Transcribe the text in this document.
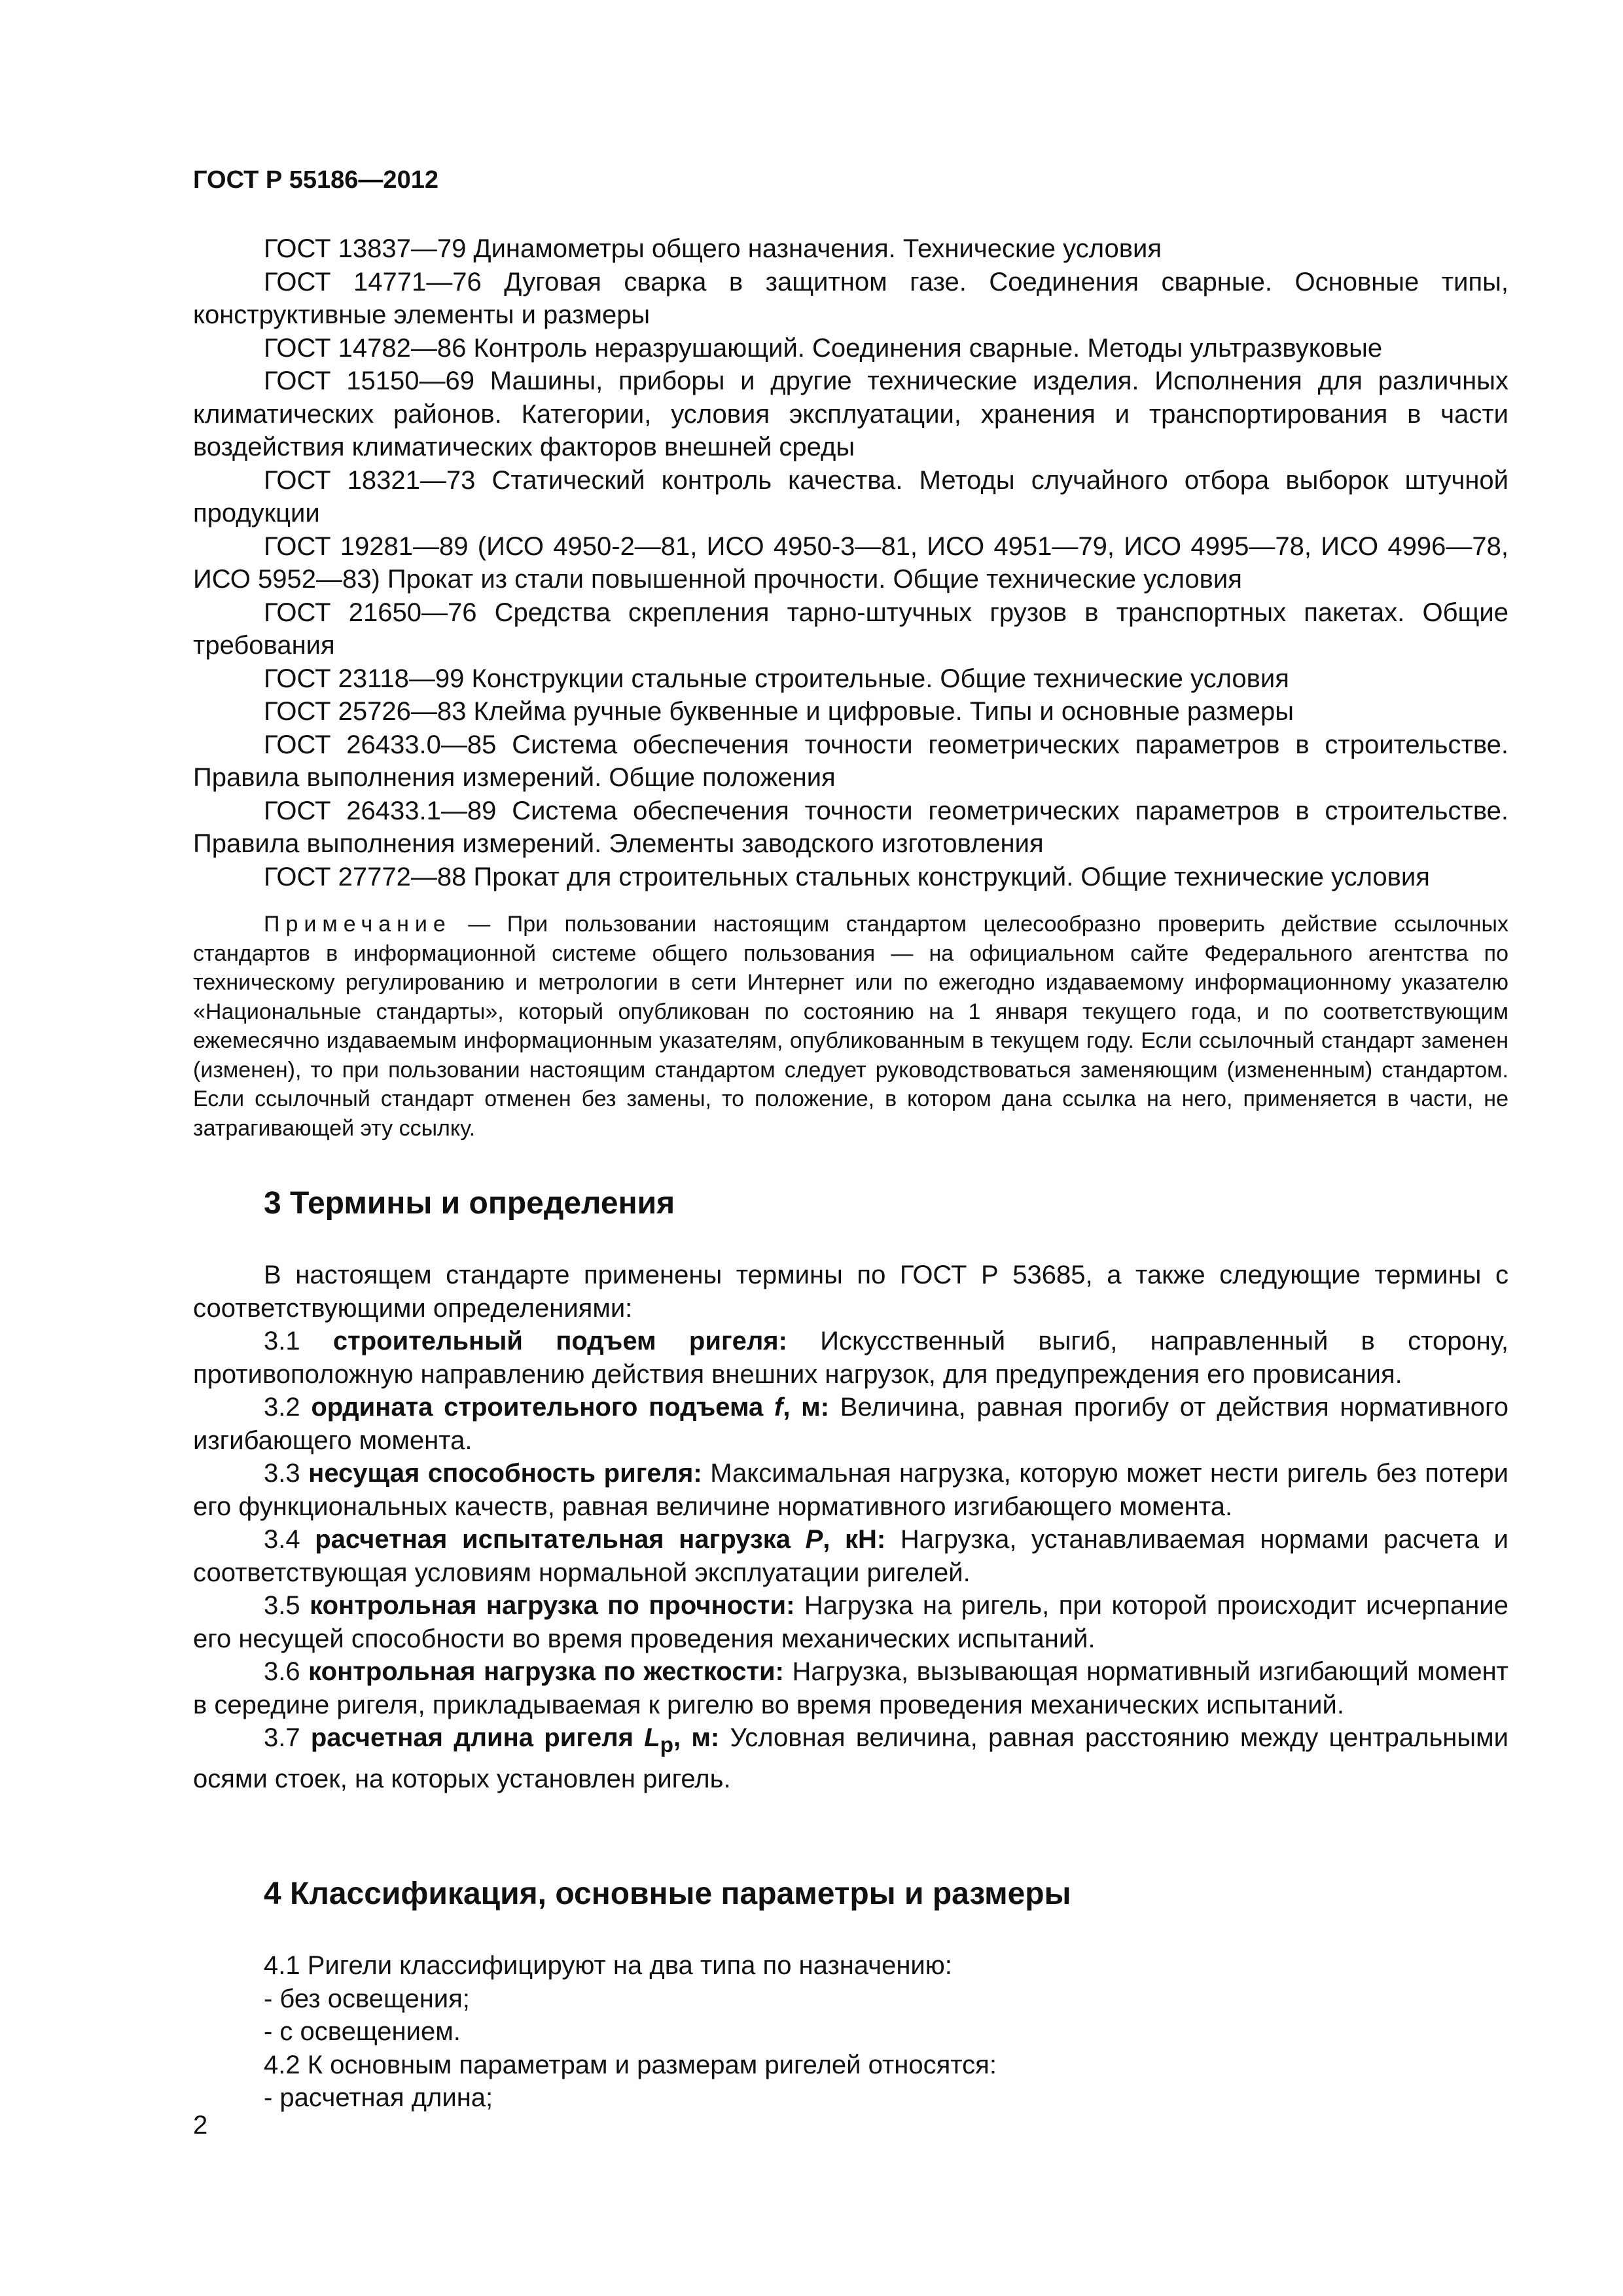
ГОСТ Р 55186—2012

ГОСТ 13837—79 Динамометры общего назначения. Технические условия

ГОСТ 14771—76 Дуговая сварка в защитном газе. Соединения сварные. Основные типы, конструктивные элементы и размеры

ГОСТ 14782—86 Контроль неразрушающий. Соединения сварные. Методы ультразвуковые

ГОСТ 15150—69 Машины, приборы и другие технические изделия. Исполнения для различных климатических районов. Категории, условия эксплуатации, хранения и транспортирования в части воздействия климатических факторов внешней среды

ГОСТ 18321—73 Статический контроль качества. Методы случайного отбора выборок штучной продукции

ГОСТ 19281—89 (ИСО 4950-2—81, ИСО 4950-3—81, ИСО 4951—79, ИСО 4995—78, ИСО 4996—78, ИСО 5952—83) Прокат из стали повышенной прочности. Общие технические условия

ГОСТ 21650—76 Средства скрепления тарно-штучных грузов в транспортных пакетах. Общие требования

ГОСТ 23118—99 Конструкции стальные строительные. Общие технические условия

ГОСТ 25726—83 Клейма ручные буквенные и цифровые. Типы и основные размеры

ГОСТ 26433.0—85 Система обеспечения точности геометрических параметров в строительстве. Правила выполнения измерений. Общие положения

ГОСТ 26433.1—89 Система обеспечения точности геометрических параметров в строительстве. Правила выполнения измерений. Элементы заводского изготовления

ГОСТ 27772—88 Прокат для строительных стальных конструкций. Общие технические условия

Примечание — При пользовании настоящим стандартом целесообразно проверить действие ссылочных стандартов в информационной системе общего пользования — на официальном сайте Федерального агентства по техническому регулированию и метрологии в сети Интернет или по ежегодно издаваемому информационному указателю «Национальные стандарты», который опубликован по состоянию на 1 января текущего года, и по соответствующим ежемесячно издаваемым информационным указателям, опубликованным в текущем году. Если ссылочный стандарт заменен (изменен), то при пользовании настоящим стандартом следует руководствоваться заменяющим (измененным) стандартом. Если ссылочный стандарт отменен без замены, то положение, в котором дана ссылка на него, применяется в части, не затрагивающей эту ссылку.

3 Термины и определения

В настоящем стандарте применены термины по ГОСТ Р 53685, а также следующие термины с соответствующими определениями:

3.1 строительный подъем ригеля: Искусственный выгиб, направленный в сторону, противоположную направлению действия внешних нагрузок, для предупреждения его провисания.

3.2 ордината строительного подъема f, м: Величина, равная прогибу от действия нормативного изгибающего момента.

3.3 несущая способность ригеля: Максимальная нагрузка, которую может нести ригель без потери его функциональных качеств, равная величине нормативного изгибающего момента.

3.4 расчетная испытательная нагрузка P, кН: Нагрузка, устанавливаемая нормами расчета и соответствующая условиям нормальной эксплуатации ригелей.

3.5 контрольная нагрузка по прочности: Нагрузка на ригель, при которой происходит исчерпание его несущей способности во время проведения механических испытаний.

3.6 контрольная нагрузка по жесткости: Нагрузка, вызывающая нормативный изгибающий момент в середине ригеля, прикладываемая к ригелю во время проведения механических испытаний.

3.7 расчетная длина ригеля $L_р$, м: Условная величина, равная расстоянию между центральными осями стоек, на которых установлен ригель.

4 Классификация, основные параметры и размеры

4.1 Ригели классифицируют на два типа по назначению:

- без освещения;

- с освещением.

4.2 К основным параметрам и размерам ригелей относятся:

- расчетная длина;

2
